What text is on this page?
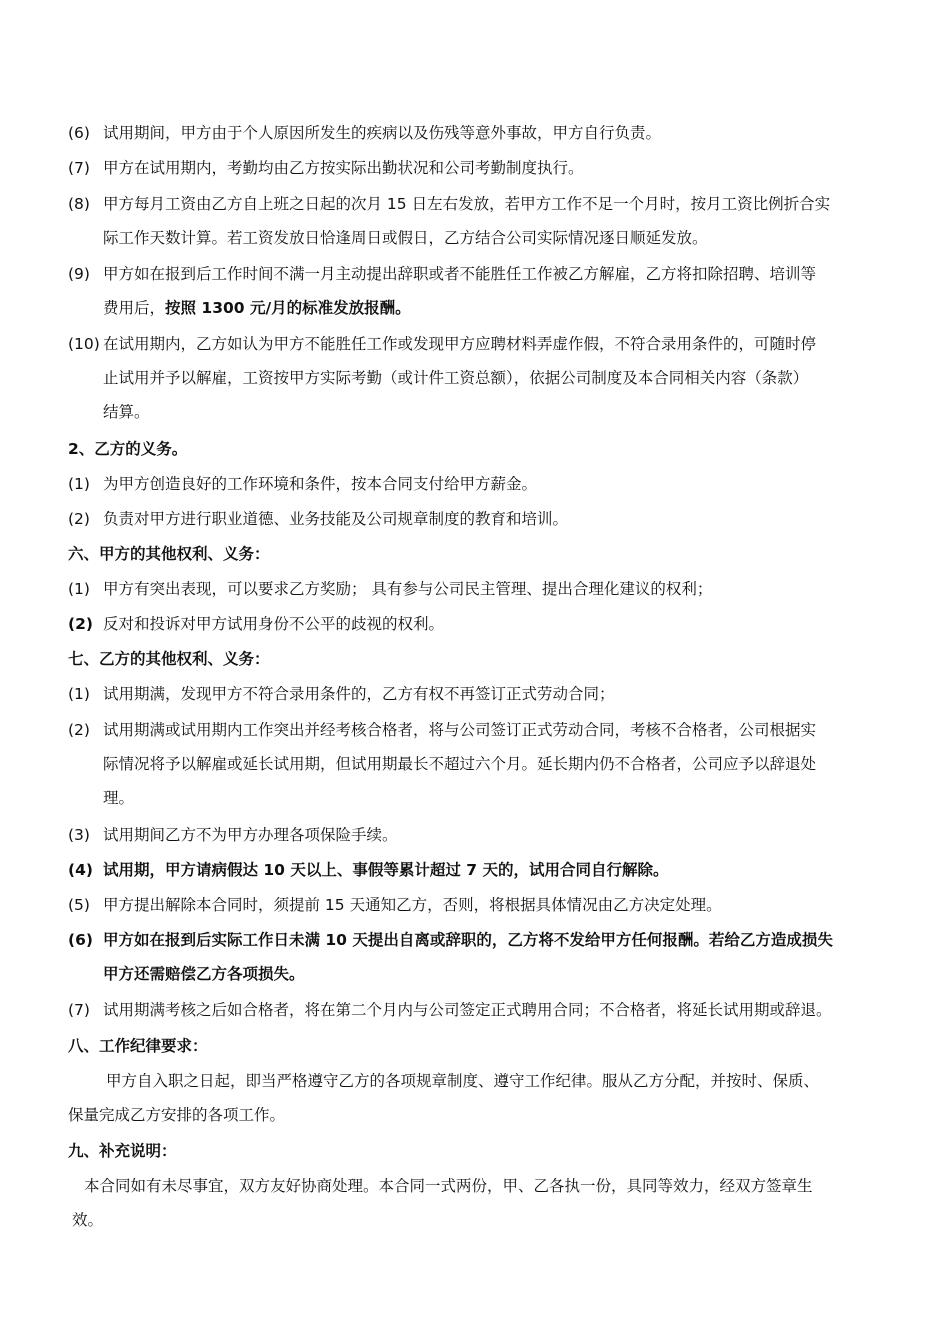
(6) 试用期间，甲方由于个人原因所发生的疾病以及伤残等意外事故，甲方自行负责。
(7) 甲方在试用期内，考勤均由乙方按实际出勤状况和公司考勤制度执行。
(8) 甲方每月工资由乙方自上班之日起的次月 15 日左右发放，若甲方工作不足一个月时，按月工资比例折合实
际工作天数计算。若工资发放日恰逢周日或假日，乙方结合公司实际情况逐日顺延发放。
(9) 甲方如在报到后工作时间不满一月主动提出辞职或者不能胜任工作被乙方解雇，乙方将扣除招聘、培训等
费用后，按照 1300 元/月的标准发放报酬。
(10) 在试用期内，乙方如认为甲方不能胜任工作或发现甲方应聘材料弄虚作假，不符合录用条件的，可随时停
止试用并予以解雇，工资按甲方实际考勤（或计件工资总额），依据公司制度及本合同相关内容（条款）
结算。
2、乙方的义务。
(1) 为甲方创造良好的工作环境和条件，按本合同支付给甲方薪金。
(2) 负责对甲方进行职业道德、业务技能及公司规章制度的教育和培训。
六、甲方的其他权利、义务：
(1) 甲方有突出表现，可以要求乙方奖励； 具有参与公司民主管理、提出合理化建议的权利；
(2) 反对和投诉对甲方试用身份不公平的歧视的权利。
七、乙方的其他权利、义务：
(1) 试用期满，发现甲方不符合录用条件的，乙方有权不再签订正式劳动合同；
(2) 试用期满或试用期内工作突出并经考核合格者，将与公司签订正式劳动合同，考核不合格者，公司根据实
际情况将予以解雇或延长试用期，但试用期最长不超过六个月。延长期内仍不合格者，公司应予以辞退处
理。
(3) 试用期间乙方不为甲方办理各项保险手续。
(4) 试用期，甲方请病假达 10 天以上、事假等累计超过 7 天的，试用合同自行解除。
(5) 甲方提出解除本合同时，须提前 15 天通知乙方，否则，将根据具体情况由乙方决定处理。
(6) 甲方如在报到后实际工作日未满 10 天提出自离或辞职的，乙方将不发给甲方任何报酬。若给乙方造成损失
甲方还需赔偿乙方各项损失。
(7) 试用期满考核之后如合格者，将在第二个月内与公司签定正式聘用合同；不合格者，将延长试用期或辞退。
八、工作纪律要求：
甲方自入职之日起，即当严格遵守乙方的各项规章制度、遵守工作纪律。服从乙方分配，并按时、保质、
保量完成乙方安排的各项工作。
九、补充说明：
本合同如有未尽事宜，双方友好协商处理。本合同一式两份，甲、乙各执一份，具同等效力，经双方签章生
效。
